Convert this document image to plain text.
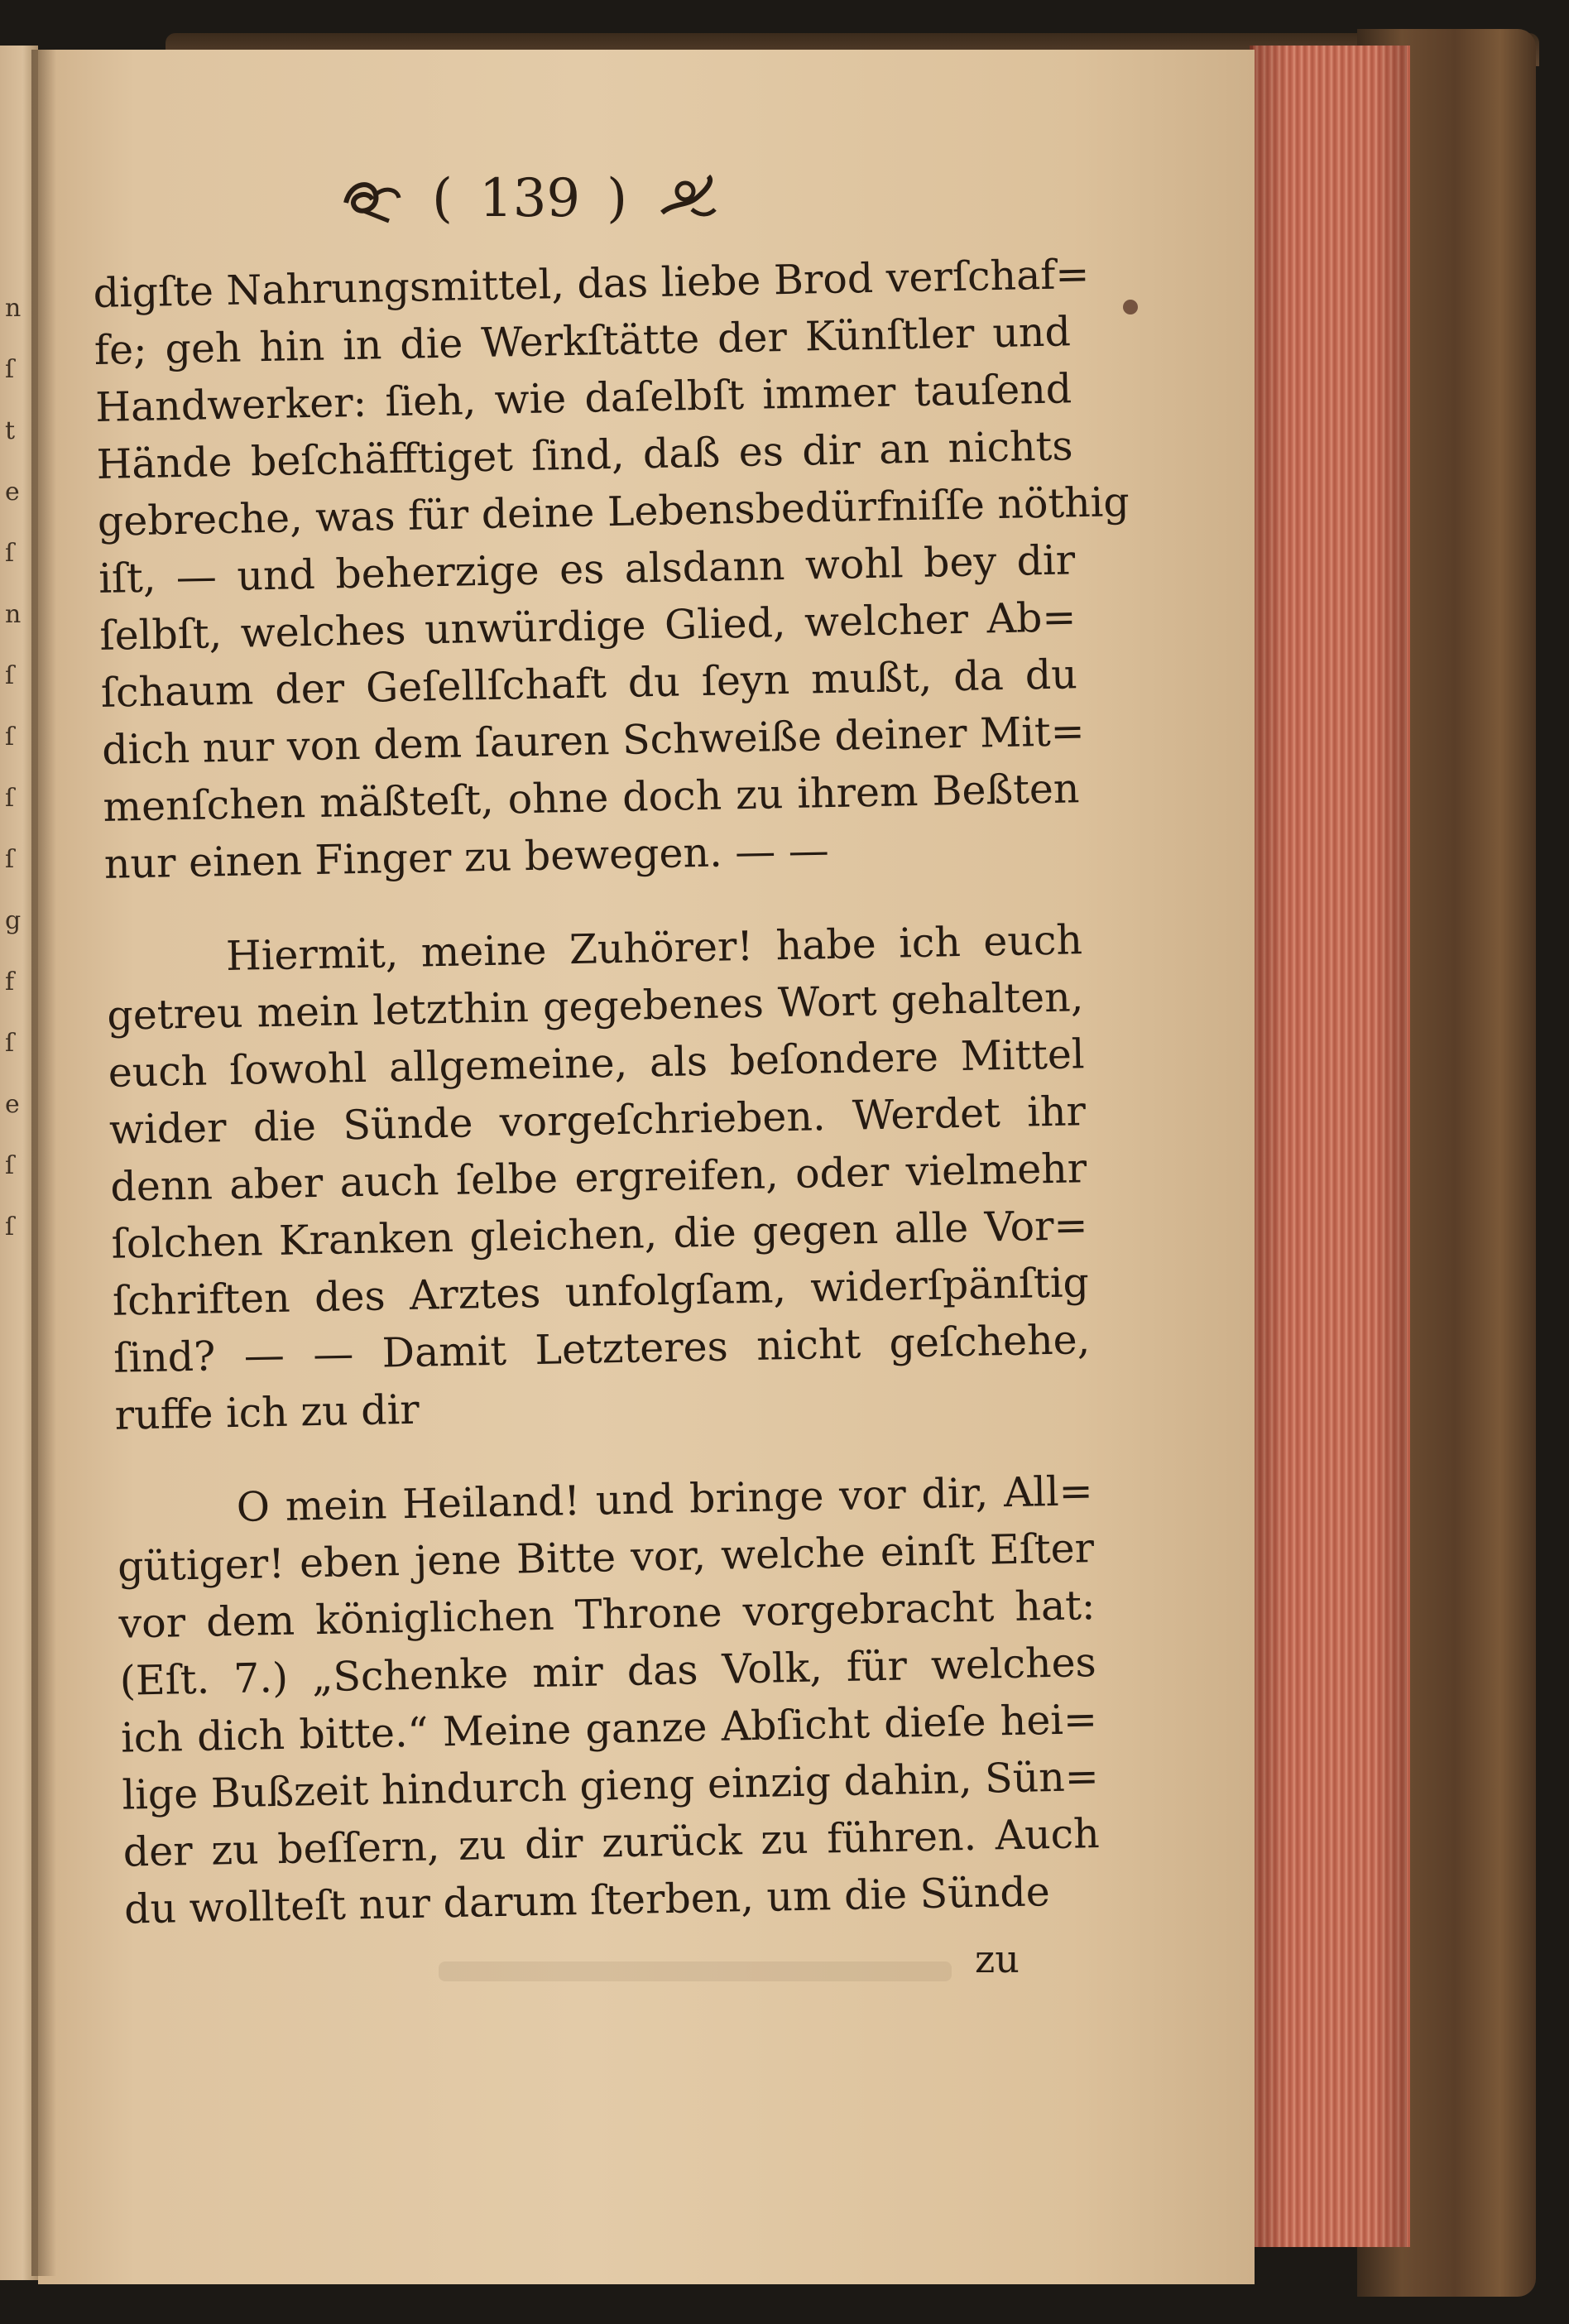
n
ſ
t
e
ſ
n
ſ
ſ
ſ
ſ
g
f
ſ
e
ſ
ſ
( 139 )
digſte Nahrungsmittel, das liebe Brod verſchaf=
fe; geh hin in die Werkſtätte der Künſtler und
Handwerker: ſieh, wie daſelbſt immer tauſend
Hände beſchäfftiget ſind, daß es dir an nichts
gebreche, was für deine Lebensbedürfniſſe nöthig
iſt, — und beherzige es alsdann wohl bey dir
ſelbſt, welches unwürdige Glied, welcher Ab=
ſchaum der Geſellſchaft du ſeyn mußt, da du
dich nur von dem ſauren Schweiße deiner Mit=
menſchen mäßteſt, ohne doch zu ihrem Beßten
nur einen Finger zu bewegen. — —
Hiermit, meine Zuhörer! habe ich euch
getreu mein letzthin gegebenes Wort gehalten,
euch ſowohl allgemeine, als beſondere Mittel
wider die Sünde vorgeſchrieben. Werdet ihr
denn aber auch ſelbe ergreifen, oder vielmehr
ſolchen Kranken gleichen, die gegen alle Vor=
ſchriften des Arztes unfolgſam, widerſpänſtig
ſind? — — Damit Letzteres nicht geſchehe,
ruffe ich zu dir
O mein Heiland! und bringe vor dir, All=
gütiger! eben jene Bitte vor, welche einſt Eſter
vor dem königlichen Throne vorgebracht hat:
(Eſt. 7.) „Schenke mir das Volk, für welches
ich dich bitte.“ Meine ganze Abſicht dieſe hei=
lige Bußzeit hindurch gieng einzig dahin, Sün=
der zu beſſern, zu dir zurück zu führen. Auch
du wollteſt nur darum ſterben, um die Sünde
zu
